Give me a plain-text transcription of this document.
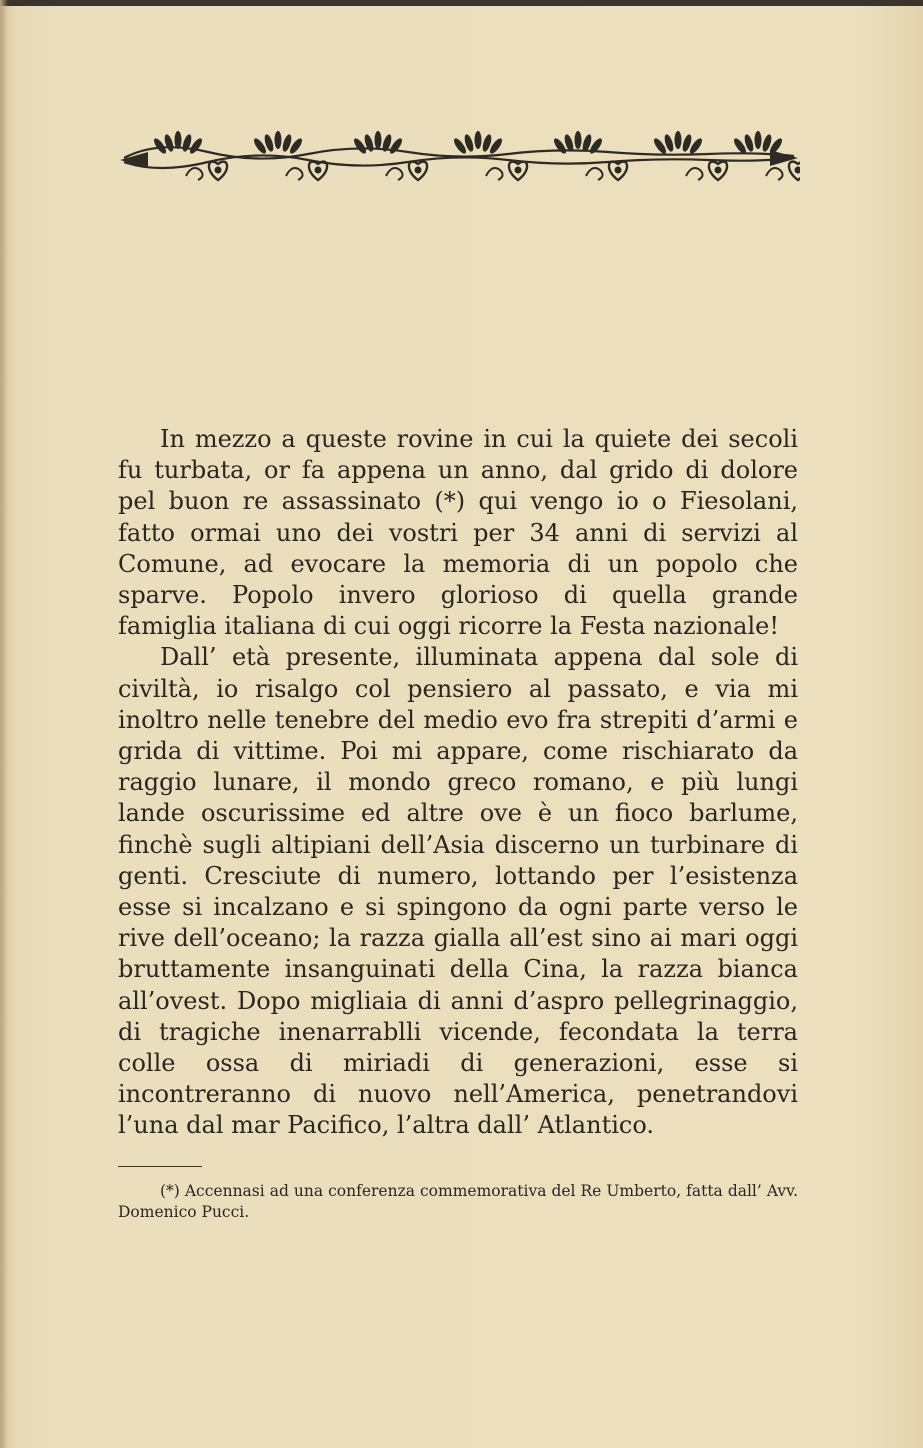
In mezzo a queste rovine in cui la quiete dei secoli fu turbata, or fa appena un anno, dal grido di dolore pel buon re assassinato (*) qui vengo io o Fiesolani, fatto ormai uno dei vostri per 34 anni di servizi al Comune, ad evocare la memoria di un popolo che sparve. Popolo invero glorioso di quella grande famiglia italiana di cui oggi ricorre la Festa nazionale!

Dall’ età presente, illuminata appena dal sole di civiltà, io risalgo col pensiero al passato, e via mi inoltro nelle tenebre del medio evo fra strepiti d’armi e grida di vittime. Poi mi appare, come rischiarato da raggio lunare, il mondo greco romano, e più lungi lande oscurissime ed altre ove è un fioco barlume, finchè sugli altipiani dell’Asia discerno un turbinare di genti. Cresciute di numero, lottando per l’esistenza esse si incalzano e si spingono da ogni parte verso le rive dell’oceano; la razza gialla all’est sino ai mari oggi bruttamente insanguinati della Cina, la razza bianca all’ovest. Dopo migliaia di anni d’aspro pellegrinaggio, di tragiche inenarrablli vicende, fecondata la terra colle ossa di miriadi di generazioni, esse si incontreranno di nuovo nell’America, penetrandovi l’una dal mar Pacifico, l’altra dall’ Atlantico.

(*) Accennasi ad una conferenza commemorativa del Re Umberto, fatta dall’ Avv. Domenico Pucci.
